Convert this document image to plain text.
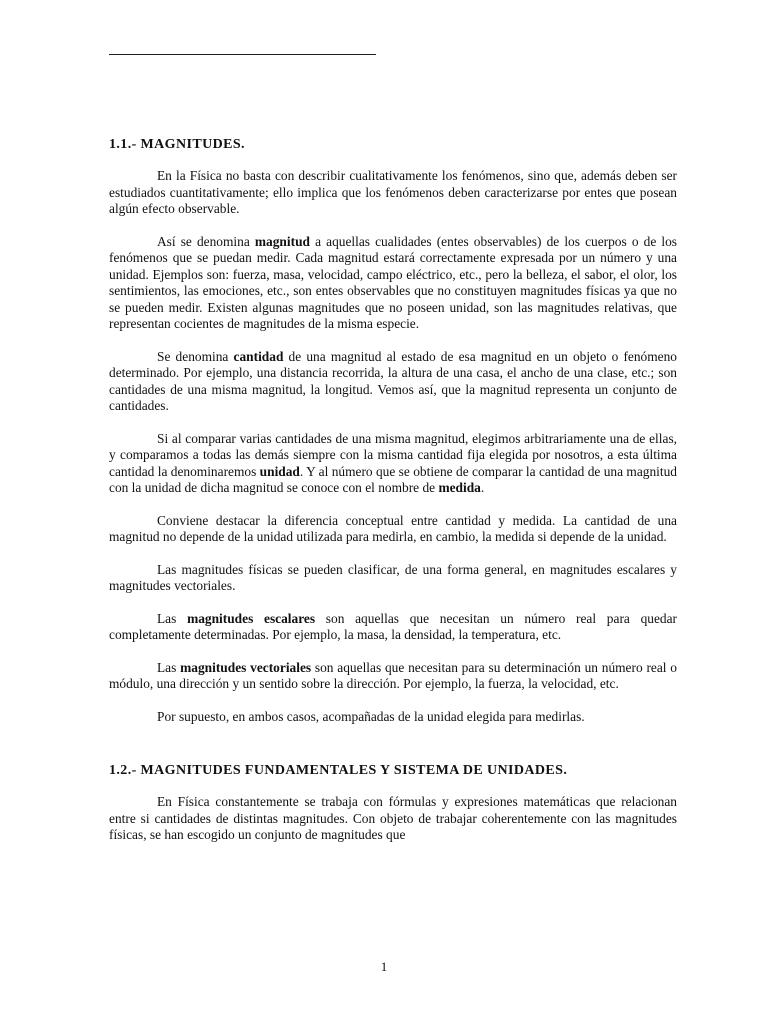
1.1.- MAGNITUDES.

En la Física no basta con describir cualitativamente los fenómenos, sino que, además deben ser estudiados cuantitativamente; ello implica que los fenómenos deben caracterizarse por entes que posean algún efecto observable.

Así se denomina magnitud a aquellas cualidades (entes observables) de los cuerpos o de los fenómenos que se puedan medir. Cada magnitud estará correctamente expresada por un número y una unidad. Ejemplos son: fuerza, masa, velocidad, campo eléctrico, etc., pero la belleza, el sabor, el olor, los sentimientos, las emociones, etc., son entes observables que no constituyen magnitudes físicas ya que no se pueden medir. Existen algunas magnitudes que no poseen unidad, son las magnitudes relativas, que representan cocientes de magnitudes de la misma especie.

Se denomina cantidad de una magnitud al estado de esa magnitud en un objeto o fenómeno determinado. Por ejemplo, una distancia recorrida, la altura de una casa, el ancho de una clase, etc.; son cantidades de una misma magnitud, la longitud. Vemos así, que la magnitud representa un conjunto de cantidades.

Si al comparar varias cantidades de una misma magnitud, elegimos arbitrariamente una de ellas, y comparamos a todas las demás siempre con la misma cantidad fija elegida por nosotros, a esta última cantidad la denominaremos unidad. Y al número que se obtiene de comparar la cantidad de una magnitud con la unidad de dicha magnitud se conoce con el nombre de medida.

Conviene destacar la diferencia conceptual entre cantidad y medida. La cantidad de una magnitud no depende de la unidad utilizada para medirla, en cambio, la medida si depende de la unidad.

Las magnitudes físicas se pueden clasificar, de una forma general, en magnitudes escalares y magnitudes vectoriales.

Las magnitudes escalares son aquellas que necesitan un número real para quedar completamente determinadas. Por ejemplo, la masa, la densidad, la temperatura, etc.

Las magnitudes vectoriales son aquellas que necesitan para su determinación un número real o módulo, una dirección y un sentido sobre la dirección. Por ejemplo, la fuerza, la velocidad, etc.

Por supuesto, en ambos casos, acompañadas de la unidad elegida para medirlas.

1.2.- MAGNITUDES FUNDAMENTALES Y SISTEMA DE UNIDADES.

En Física constantemente se trabaja con fórmulas y expresiones matemáticas que relacionan entre si cantidades de distintas magnitudes. Con objeto de trabajar coherentemente con las magnitudes físicas, se han escogido un conjunto de magnitudes que

1
